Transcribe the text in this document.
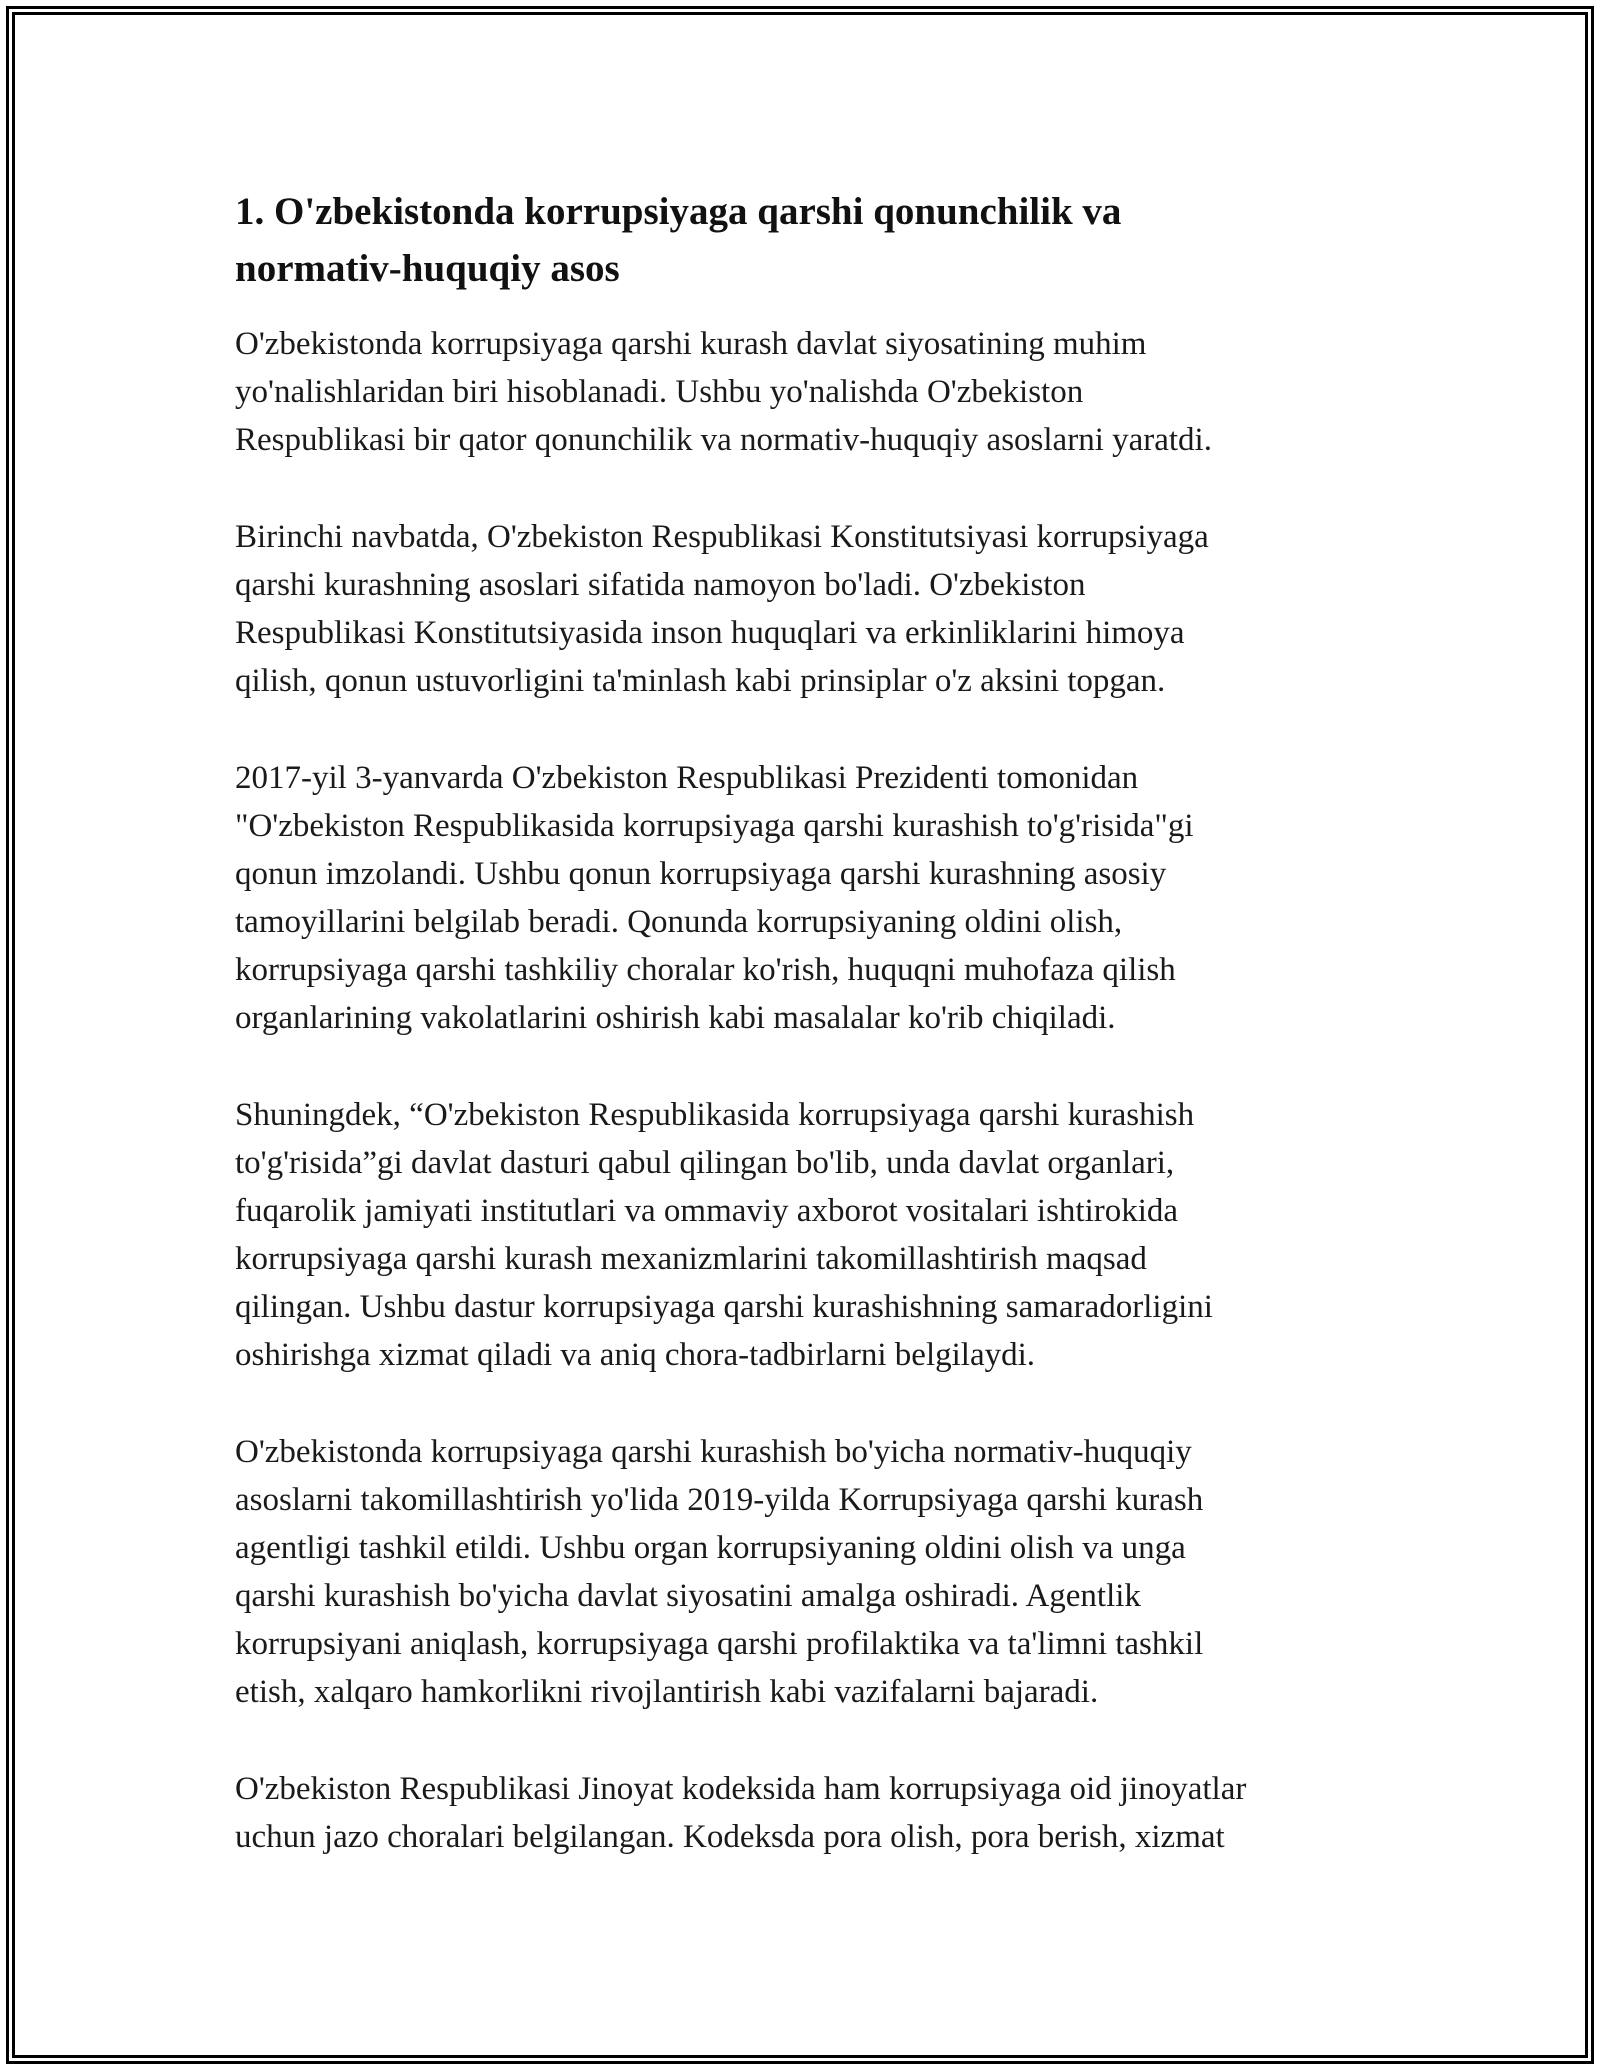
1. O'zbekistonda korrupsiyaga qarshi qonunchilik va
normativ-huquqiy asos

O'zbekistonda korrupsiyaga qarshi kurash davlat siyosatining muhim
yo'nalishlaridan biri hisoblanadi. Ushbu yo'nalishda O'zbekiston
Respublikasi bir qator qonunchilik va normativ-huquqiy asoslarni yaratdi.

Birinchi navbatda, O'zbekiston Respublikasi Konstitutsiyasi korrupsiyaga
qarshi kurashning asoslari sifatida namoyon bo'ladi. O'zbekiston
Respublikasi Konstitutsiyasida inson huquqlari va erkinliklarini himoya
qilish, qonun ustuvorligini ta'minlash kabi prinsiplar o'z aksini topgan.

2017-yil 3-yanvarda O'zbekiston Respublikasi Prezidenti tomonidan
"O'zbekiston Respublikasida korrupsiyaga qarshi kurashish to'g'risida"gi
qonun imzolandi. Ushbu qonun korrupsiyaga qarshi kurashning asosiy
tamoyillarini belgilab beradi. Qonunda korrupsiyaning oldini olish,
korrupsiyaga qarshi tashkiliy choralar ko'rish, huquqni muhofaza qilish
organlarining vakolatlarini oshirish kabi masalalar ko'rib chiqiladi.

Shuningdek, “O'zbekiston Respublikasida korrupsiyaga qarshi kurashish
to'g'risida”gi davlat dasturi qabul qilingan bo'lib, unda davlat organlari,
fuqarolik jamiyati institutlari va ommaviy axborot vositalari ishtirokida
korrupsiyaga qarshi kurash mexanizmlarini takomillashtirish maqsad
qilingan. Ushbu dastur korrupsiyaga qarshi kurashishning samaradorligini
oshirishga xizmat qiladi va aniq chora-tadbirlarni belgilaydi.

O'zbekistonda korrupsiyaga qarshi kurashish bo'yicha normativ-huquqiy
asoslarni takomillashtirish yo'lida 2019-yilda Korrupsiyaga qarshi kurash
agentligi tashkil etildi. Ushbu organ korrupsiyaning oldini olish va unga
qarshi kurashish bo'yicha davlat siyosatini amalga oshiradi. Agentlik
korrupsiyani aniqlash, korrupsiyaga qarshi profilaktika va ta'limni tashkil
etish, xalqaro hamkorlikni rivojlantirish kabi vazifalarni bajaradi.

O'zbekiston Respublikasi Jinoyat kodeksida ham korrupsiyaga oid jinoyatlar
uchun jazo choralari belgilangan. Kodeksda pora olish, pora berish, xizmat
